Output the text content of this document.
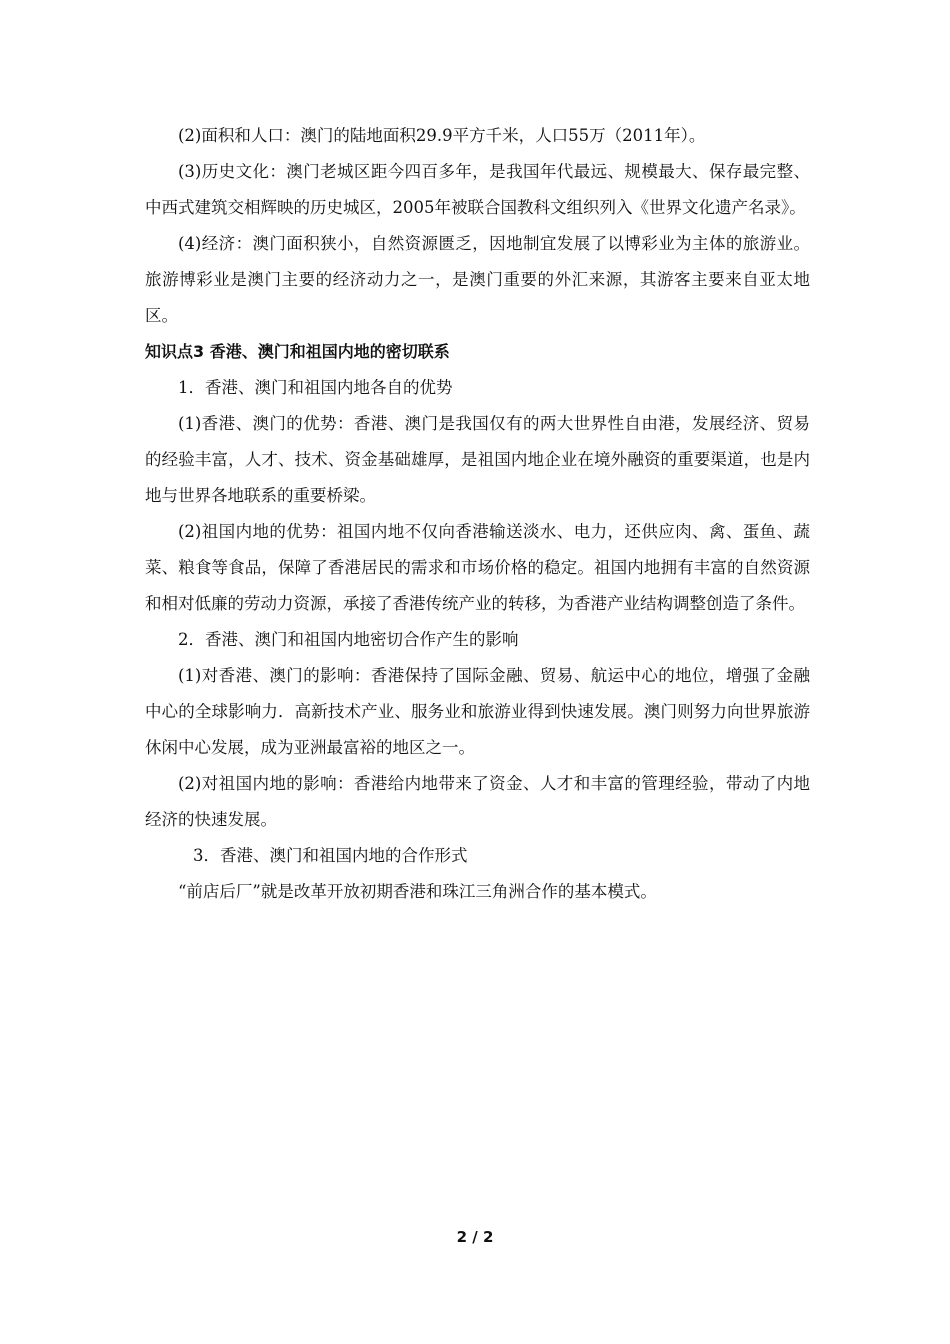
(2)面积和人口：澳门的陆地面积29.9平方千米，人口55万（2011年）。

(3)历史文化：澳门老城区距今四百多年，是我国年代最远、规模最大、保存最完整、中西式建筑交相辉映的历史城区，2005年被联合国教科文组织列入《世界文化遗产名录》。

(4)经济：澳门面积狭小，自然资源匮乏，因地制宜发展了以博彩业为主体的旅游业。旅游博彩业是澳门主要的经济动力之一，是澳门重要的外汇来源，其游客主要来自亚太地区。

知识点3 香港、澳门和祖国内地的密切联系

1．香港、澳门和祖国内地各自的优势

(1)香港、澳门的优势：香港、澳门是我国仅有的两大世界性自由港，发展经济、贸易的经验丰富，人才、技术、资金基础雄厚，是祖国内地企业在境外融资的重要渠道，也是内地与世界各地联系的重要桥梁。

(2)祖国内地的优势：祖国内地不仅向香港输送淡水、电力，还供应肉、禽、蛋鱼、蔬菜、粮食等食品，保障了香港居民的需求和市场价格的稳定。祖国内地拥有丰富的自然资源和相对低廉的劳动力资源，承接了香港传统产业的转移，为香港产业结构调整创造了条件。

2．香港、澳门和祖国内地密切合作产生的影响

(1)对香港、澳门的影响：香港保持了国际金融、贸易、航运中心的地位，增强了金融中心的全球影响力．高新技术产业、服务业和旅游业得到快速发展。澳门则努力向世界旅游休闲中心发展，成为亚洲最富裕的地区之一。

(2)对祖国内地的影响：香港给内地带来了资金、人才和丰富的管理经验，带动了内地经济的快速发展。

3．香港、澳门和祖国内地的合作形式

“前店后厂”就是改革开放初期香港和珠江三角洲合作的基本模式。

2 / 2
